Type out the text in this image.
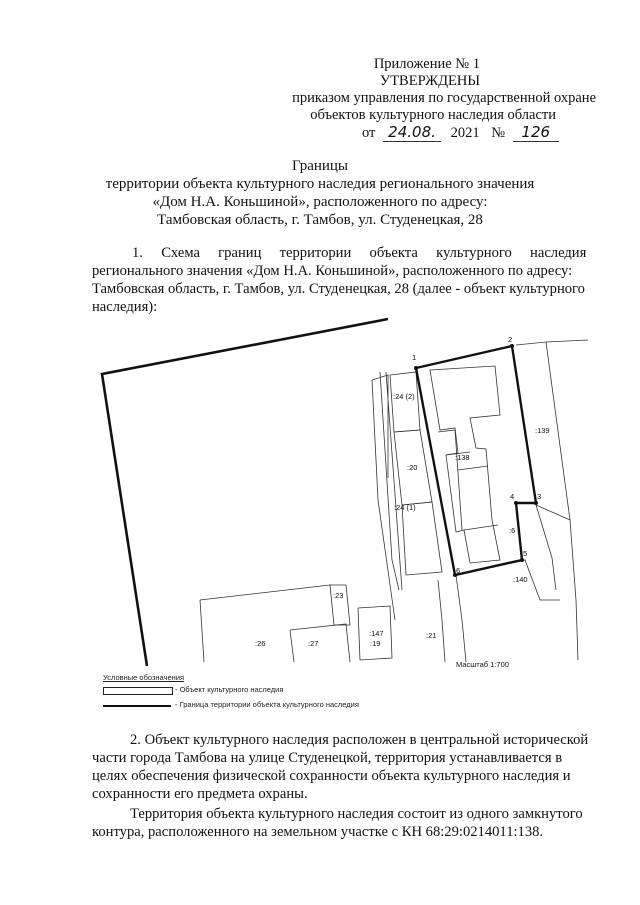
Приложение № 1
УТВЕРЖДЕНЫ
приказом управления по государственной охране
объектов культурного наследия области
от 24.08. 2021 № 126
Границы
территории объекта культурного наследия регионального значения
«Дом Н.А. Коньшиной», расположенного по адресу:
Тамбовская область, г. Тамбов, ул. Студенецкая, 28
1.     Схема     границ     территории     объекта     культурного     наследия
регионального значения «Дом Н.А. Коньшиной», расположенного по адресу:
Тамбовская область, г. Тамбов, ул. Студенецкая, 28 (далее - объект культурного
наследия):
1
2
3
4
5
6
:24 (2)
:138
:139
:20
:24 (1)
:6
:140
:23
:147
:19
:21
:26	:27
Масштаб 1:700
Условные обозначения
- Объект культурного наследия
- Граница территории объекта культурного наследия
2. Объект культурного наследия расположен в центральной исторической
части города Тамбова на улице Студенецкой, территория устанавливается в
целях обеспечения физической сохранности объекта культурного наследия и
сохранности его предмета охраны.
Территория объекта культурного наследия состоит из одного замкнутого
контура, расположенного на земельном участке с КН 68:29:0214011:138.
